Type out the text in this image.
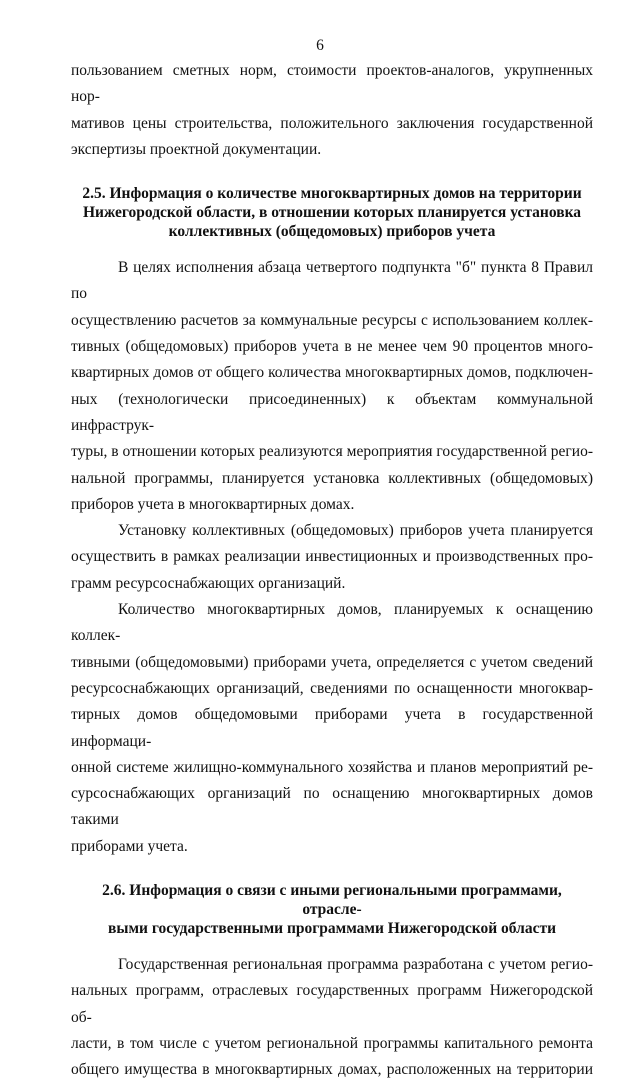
6

пользованием сметных норм, стоимости проектов-аналогов, укрупненных нор-
мативов цены строительства, положительного заключения государственной
экспертизы проектной документации.

2.5. Информация о количестве многоквартирных домов на территории
Нижегородской области, в отношении которых планируется установка
коллективных (общедомовых) приборов учета

В целях исполнения абзаца четвертого подпункта "б" пункта 8 Правил по
осуществлению расчетов за коммунальные ресурсы с использованием коллек-
тивных (общедомовых) приборов учета в не менее чем 90 процентов много-
квартирных домов от общего количества многоквартирных домов, подключен-
ных (технологически присоединенных) к объектам коммунальной инфраструк-
туры, в отношении которых реализуются мероприятия государственной регио-
нальной программы, планируется установка коллективных (общедомовых)
приборов учета в многоквартирных домах.

Установку коллективных (общедомовых) приборов учета планируется
осуществить в рамках реализации инвестиционных и производственных про-
грамм ресурсоснабжающих организаций.

Количество многоквартирных домов, планируемых к оснащению коллек-
тивными (общедомовыми) приборами учета, определяется с учетом сведений
ресурсоснабжающих организаций, сведениями по оснащенности многоквар-
тирных домов общедомовыми приборами учета в государственной информаци-
онной системе жилищно-коммунального хозяйства и планов мероприятий ре-
сурсоснабжающих организаций по оснащению многоквартирных домов такими
приборами учета.

2.6. Информация о связи с иными региональными программами, отрасле-
выми государственными программами Нижегородской области

Государственная региональная программа разработана с учетом регио-
нальных программ, отраслевых государственных программ Нижегородской об-
ласти, в том числе с учетом региональной программы капитального ремонта
общего имущества в многоквартирных домах, расположенных на территории
